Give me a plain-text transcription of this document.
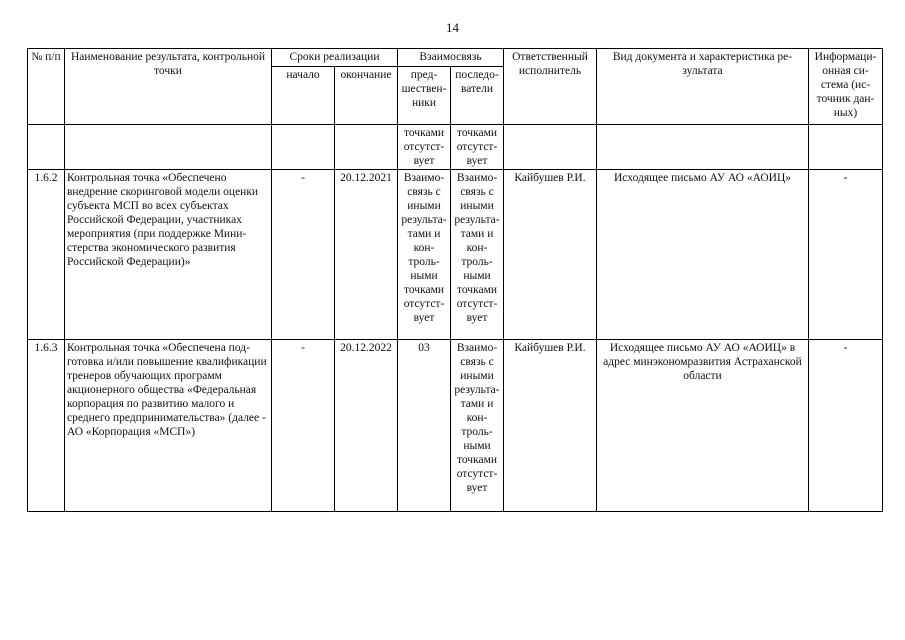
14
№ п/п	Наименование результата, контрольной точки	Сроки реализации		Взаимосвязь		Ответственный исполнитель	Вид документа и характеристика результата	Информационная система (источник данных)
		начало	окончание	предшественники	последователи			
				точками отсутствует	точками отсутствует			
1.6.2	Контрольная точка «Обеспечено внедрение скоринговой модели оценки субъекта МСП во всех субъектах Российской Федерации, участниках мероприятия (при поддержке Министерства экономического развития Российской Федерации)»	-	20.12.2021	Взаимосвязь с иными результатами и контрольными точками отсутствует	Взаимосвязь с иными результатами и контрольными точками отсутствует	Кайбушев Р.И.	Исходящее письмо АУ АО «АОИЦ»	-
1.6.3	Контрольная точка «Обеспечена подготовка и/или повышение квалификации тренеров обучающих программ акционерного общества «Федеральная корпорация по развитию малого и среднего предпринимательства» (далее - АО «Корпорация «МСП»)	-	20.12.2022	03	Взаимосвязь с иными результатами и контрольными точками отсутствует	Кайбушев Р.И.	Исходящее письмо АУ АО «АОИЦ» в адрес минэкономразвития Астраханской области	-
